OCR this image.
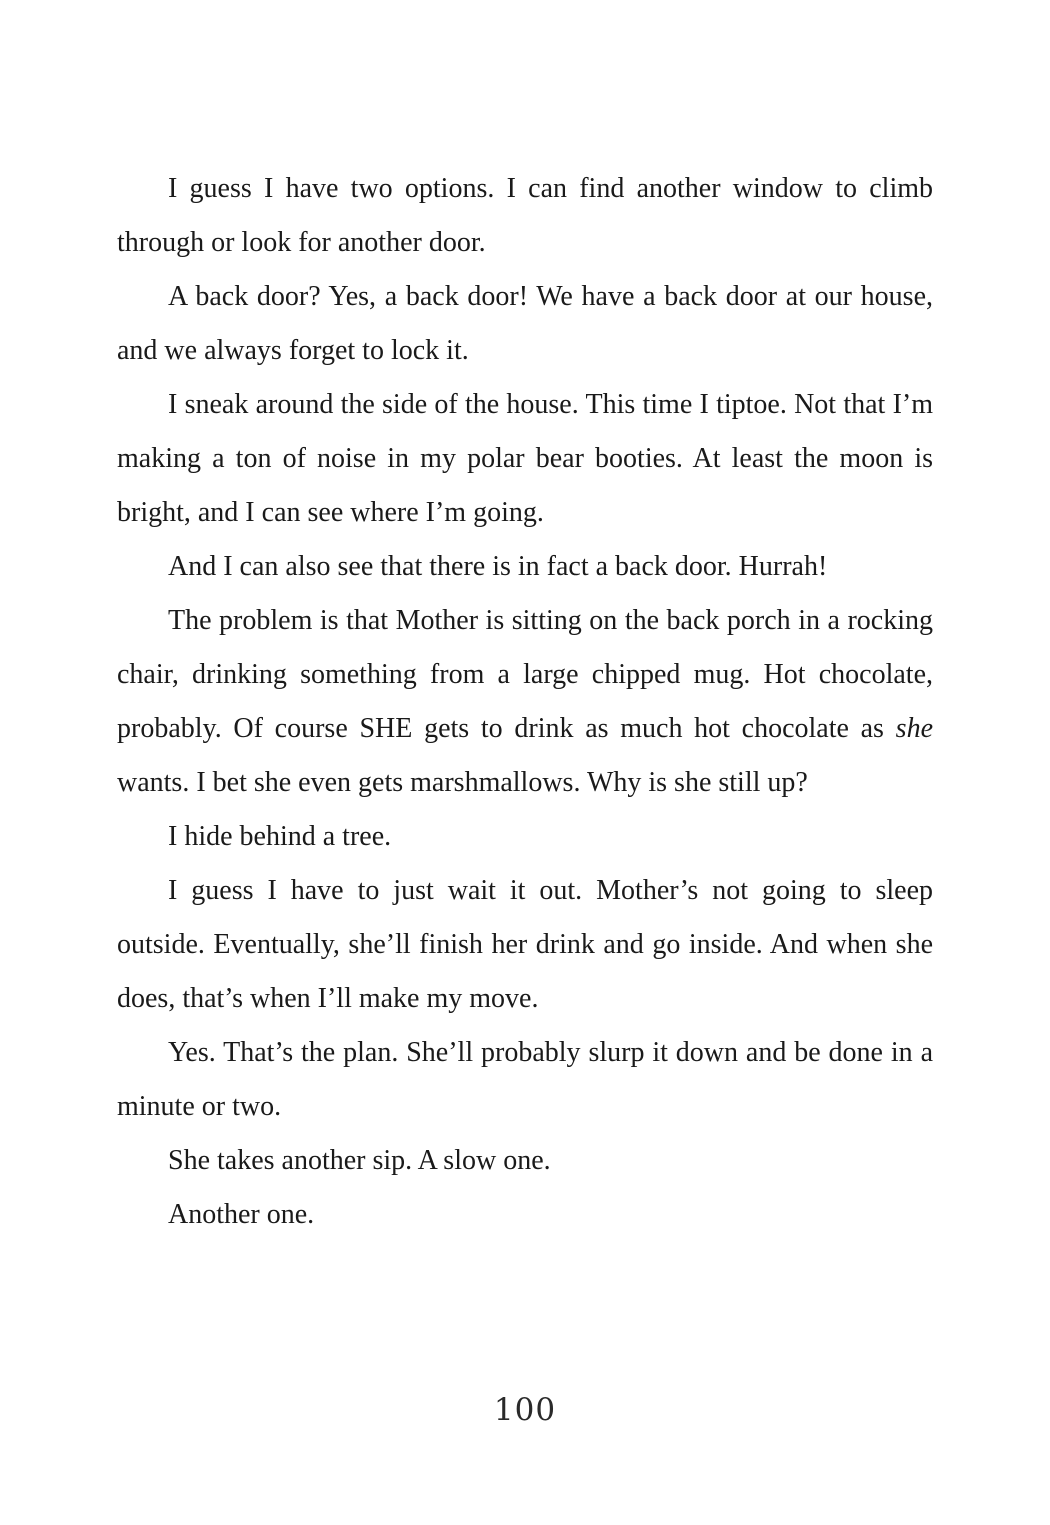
I guess I have two options. I can find another window to climb through or look for another door.

A back door? Yes, a back door! We have a back door at our house, and we always forget to lock it.

I sneak around the side of the house. This time I tiptoe. Not that I’m making a ton of noise in my polar bear booties. At least the moon is bright, and I can see where I’m going.

And I can also see that there is in fact a back door. Hurrah!

The problem is that Mother is sitting on the back porch in a rocking chair, drinking something from a large chipped mug. Hot chocolate, probably. Of course SHE gets to drink as much hot chocolate as she wants. I bet she even gets marshmallows. Why is she still up?

I hide behind a tree.

I guess I have to just wait it out. Mother’s not going to sleep outside. Eventually, she’ll finish her drink and go inside. And when she does, that’s when I’ll make my move.

Yes. That’s the plan. She’ll probably slurp it down and be done in a minute or two.

She takes another sip. A slow one.

Another one.

100
